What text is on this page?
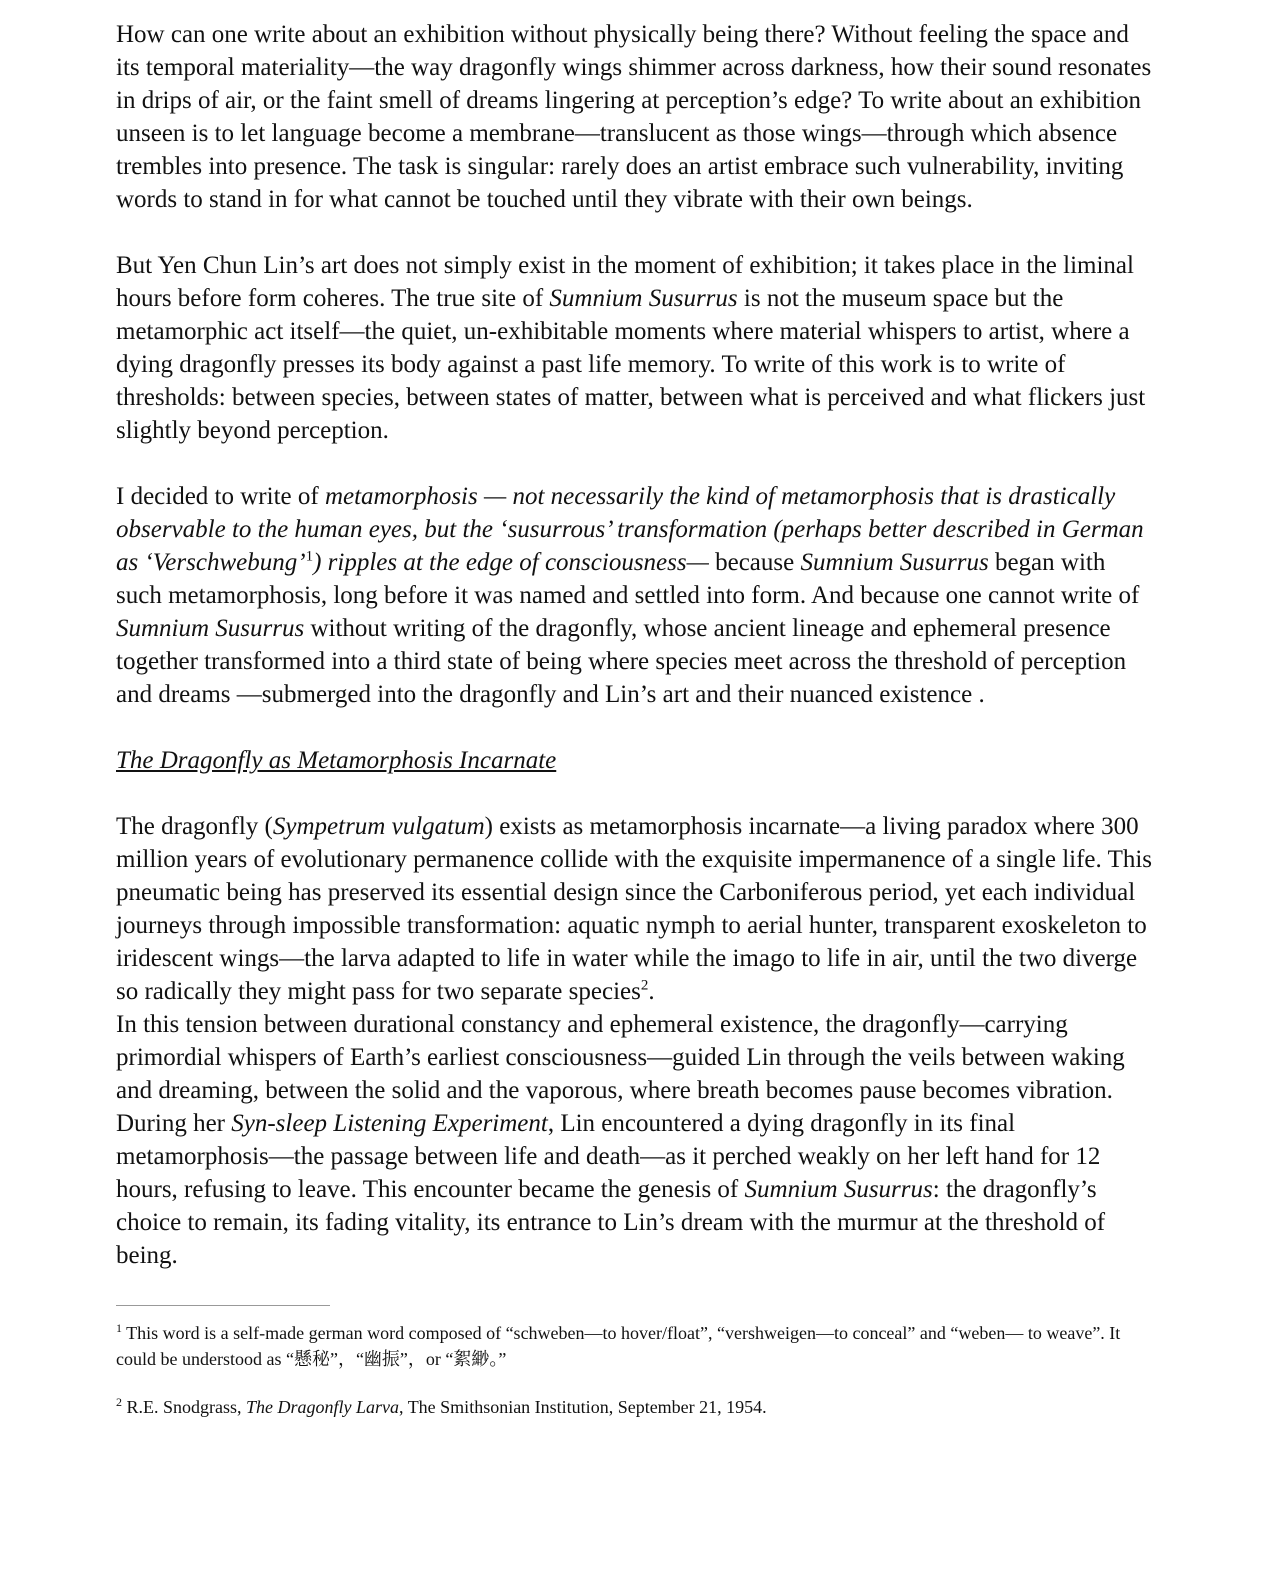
How can one write about an exhibition without physically being there? Without feeling the space and its temporal materiality—the way dragonfly wings shimmer across darkness, how their sound resonates in drips of air, or the faint smell of dreams lingering at perception’s edge? To write about an exhibition unseen is to let language become a membrane—translucent as those wings—through which absence trembles into presence. The task is singular: rarely does an artist embrace such vulnerability, inviting words to stand in for what cannot be touched until they vibrate with their own beings.

But Yen Chun Lin’s art does not simply exist in the moment of exhibition; it takes place in the liminal hours before form coheres. The true site of Sumnium Susurrus is not the museum space but the metamorphic act itself—the quiet, un-exhibitable moments where material whispers to artist, where a dying dragonfly presses its body against a past life memory. To write of this work is to write of thresholds: between species, between states of matter, between what is perceived and what flickers just slightly beyond perception.

I decided to write of metamorphosis — not necessarily the kind of metamorphosis that is drastically observable to the human eyes, but the ‘susurrous’ transformation (perhaps better described in German as ‘Verschwebung’$^1$) ripples at the edge of consciousness— because Sumnium Susurrus began with such metamorphosis, long before it was named and settled into form. And because one cannot write of Sumnium Susurrus without writing of the dragonfly, whose ancient lineage and ephemeral presence together transformed into a third state of being where species meet across the threshold of perception and dreams —submerged into the dragonfly and Lin’s art and their nuanced existence .

The Dragonfly as Metamorphosis Incarnate

The dragonfly (Sympetrum vulgatum) exists as metamorphosis incarnate—a living paradox where 300 million years of evolutionary permanence collide with the exquisite impermanence of a single life. This pneumatic being has preserved its essential design since the Carboniferous period, yet each individual journeys through impossible transformation: aquatic nymph to aerial hunter, transparent exoskeleton to iridescent wings—the larva adapted to life in water while the imago to life in air, until the two diverge so radically they might pass for two separate species$^2$.

In this tension between durational constancy and ephemeral existence, the dragonfly—carrying primordial whispers of Earth’s earliest consciousness—guided Lin through the veils between waking and dreaming, between the solid and the vaporous, where breath becomes pause becomes vibration. During her Syn-sleep Listening Experiment, Lin encountered a dying dragonfly in its final metamorphosis—the passage between life and death—as it perched weakly on her left hand for 12 hours, refusing to leave. This encounter became the genesis of Sumnium Susurrus: the dragonfly’s choice to remain, its fading vitality, its entrance to Lin’s dream with the murmur at the threshold of being.

$^1$ This word is a self-made german word composed of “schweben—to hover/float”, “vershweigen—to conceal” and “weben— to weave”. It could be understood as “懸秘”，“幽振”，or “絮緲。”

$^2$ R.E. Snodgrass, The Dragonfly Larva, The Smithsonian Institution, September 21, 1954.
